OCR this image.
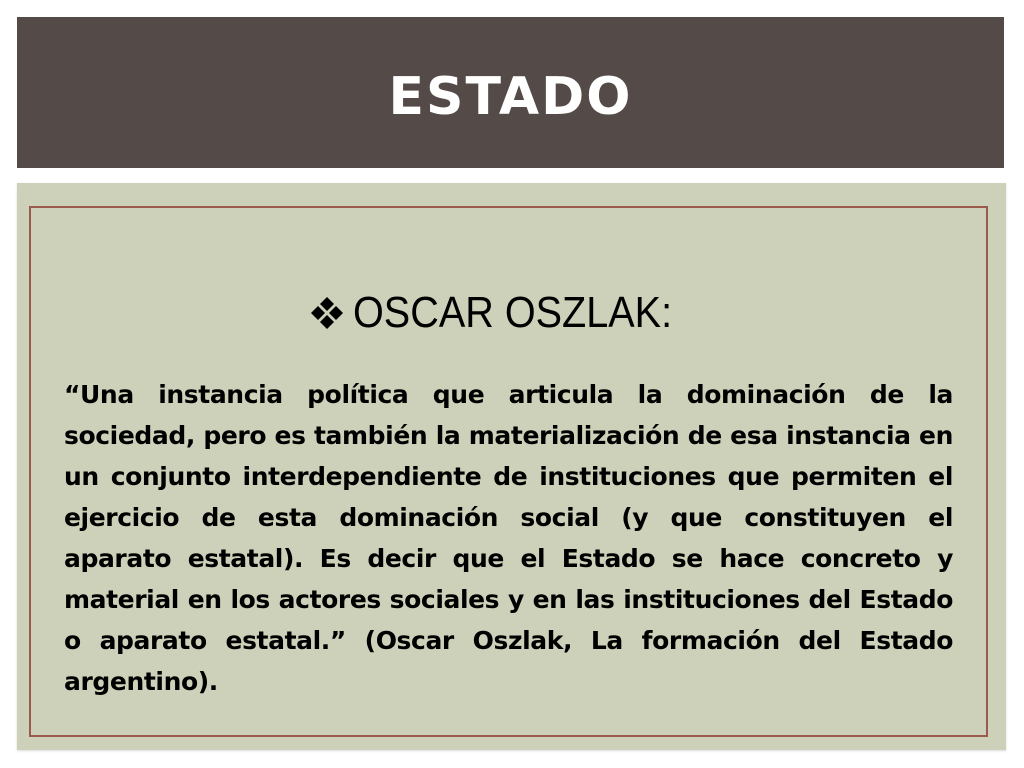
ESTADO
OSCAR OSZLAK:

“Una instancia política que articula la dominación de la sociedad, pero es también la materialización de esa instancia en un conjunto interdependiente de instituciones que permiten el ejercicio de esta dominación social (y que constituyen el aparato estatal). Es decir que el Estado se hace concreto y material en los actores sociales y en las instituciones del Estado o aparato estatal.” (Oscar Oszlak, La formación del Estado argentino).
